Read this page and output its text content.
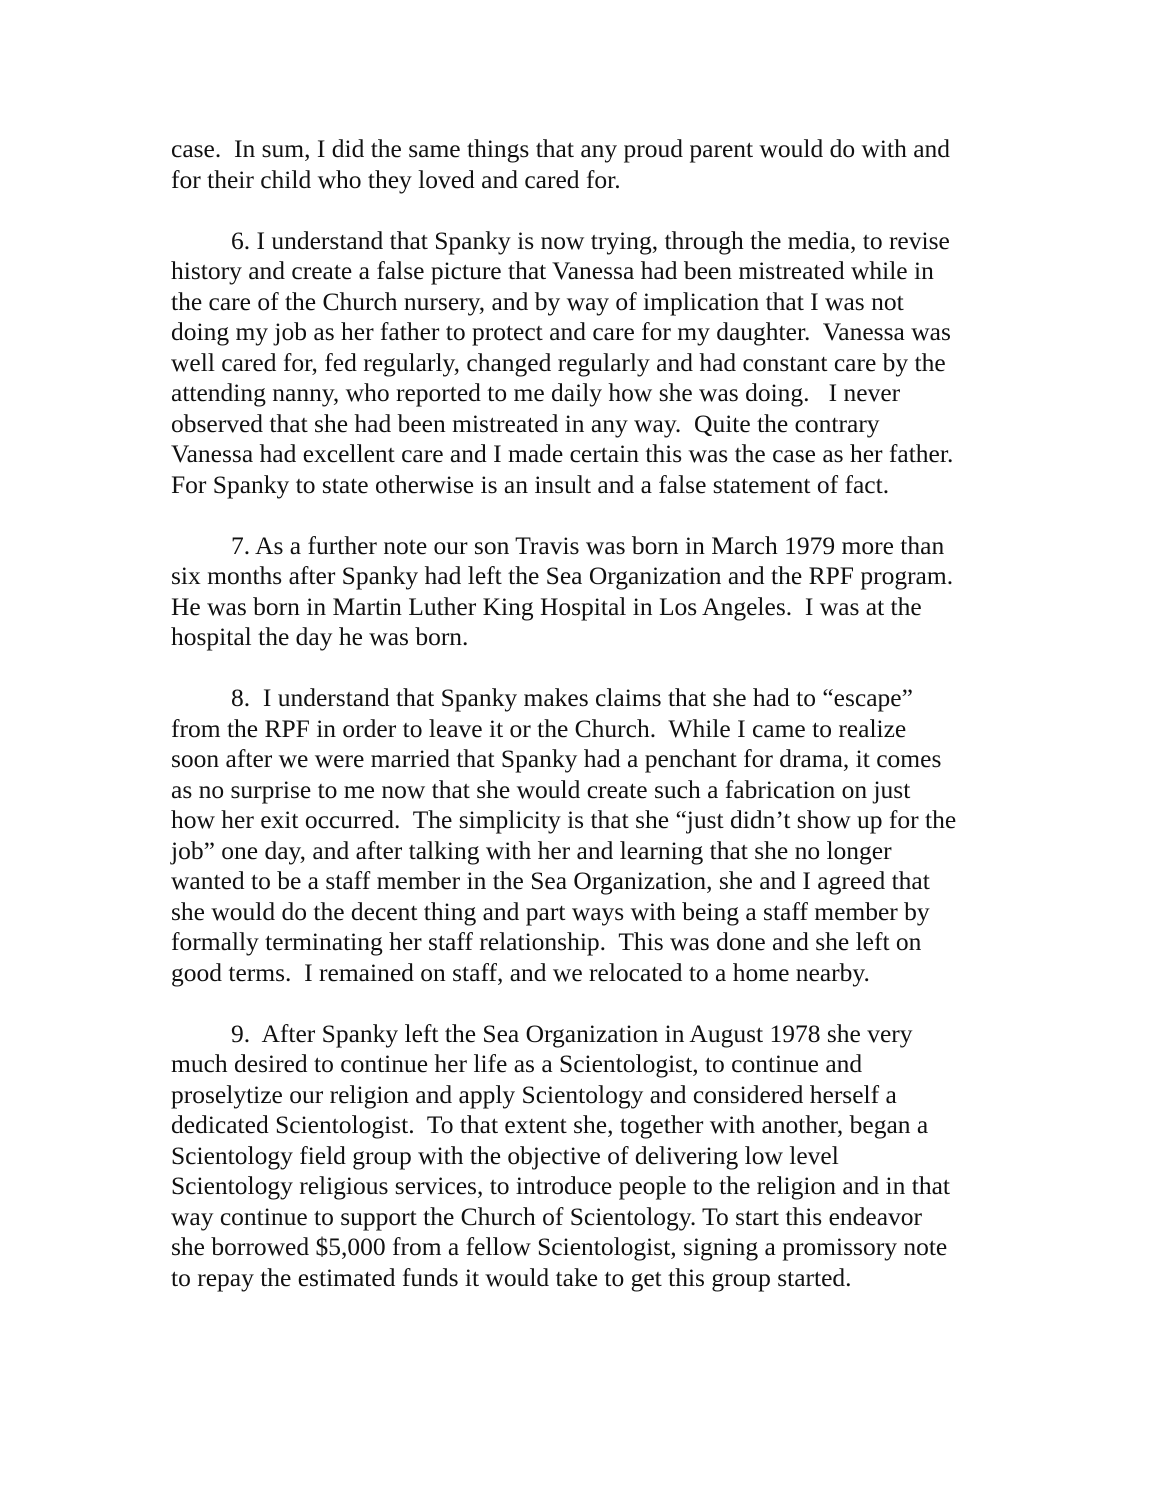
case.  In sum, I did the same things that any proud parent would do with and
for their child who they loved and cared for.
6. I understand that Spanky is now trying, through the media, to revise
history and create a false picture that Vanessa had been mistreated while in
the care of the Church nursery, and by way of implication that I was not
doing my job as her father to protect and care for my daughter.  Vanessa was
well cared for, fed regularly, changed regularly and had constant care by the
attending nanny, who reported to me daily how she was doing.   I never
observed that she had been mistreated in any way.  Quite the contrary
Vanessa had excellent care and I made certain this was the case as her father.
For Spanky to state otherwise is an insult and a false statement of fact.
7. As a further note our son Travis was born in March 1979 more than
six months after Spanky had left the Sea Organization and the RPF program.
He was born in Martin Luther King Hospital in Los Angeles.  I was at the
hospital the day he was born.
8.  I understand that Spanky makes claims that she had to “escape”
from the RPF in order to leave it or the Church.  While I came to realize
soon after we were married that Spanky had a penchant for drama, it comes
as no surprise to me now that she would create such a fabrication on just
how her exit occurred.  The simplicity is that she “just didn’t show up for the
job” one day, and after talking with her and learning that she no longer
wanted to be a staff member in the Sea Organization, she and I agreed that
she would do the decent thing and part ways with being a staff member by
formally terminating her staff relationship.  This was done and she left on
good terms.  I remained on staff, and we relocated to a home nearby.
9.  After Spanky left the Sea Organization in August 1978 she very
much desired to continue her life as a Scientologist, to continue and
proselytize our religion and apply Scientology and considered herself a
dedicated Scientologist.  To that extent she, together with another, began a
Scientology field group with the objective of delivering low level
Scientology religious services, to introduce people to the religion and in that
way continue to support the Church of Scientology. To start this endeavor
she borrowed $5,000 from a fellow Scientologist, signing a promissory note
to repay the estimated funds it would take to get this group started.
